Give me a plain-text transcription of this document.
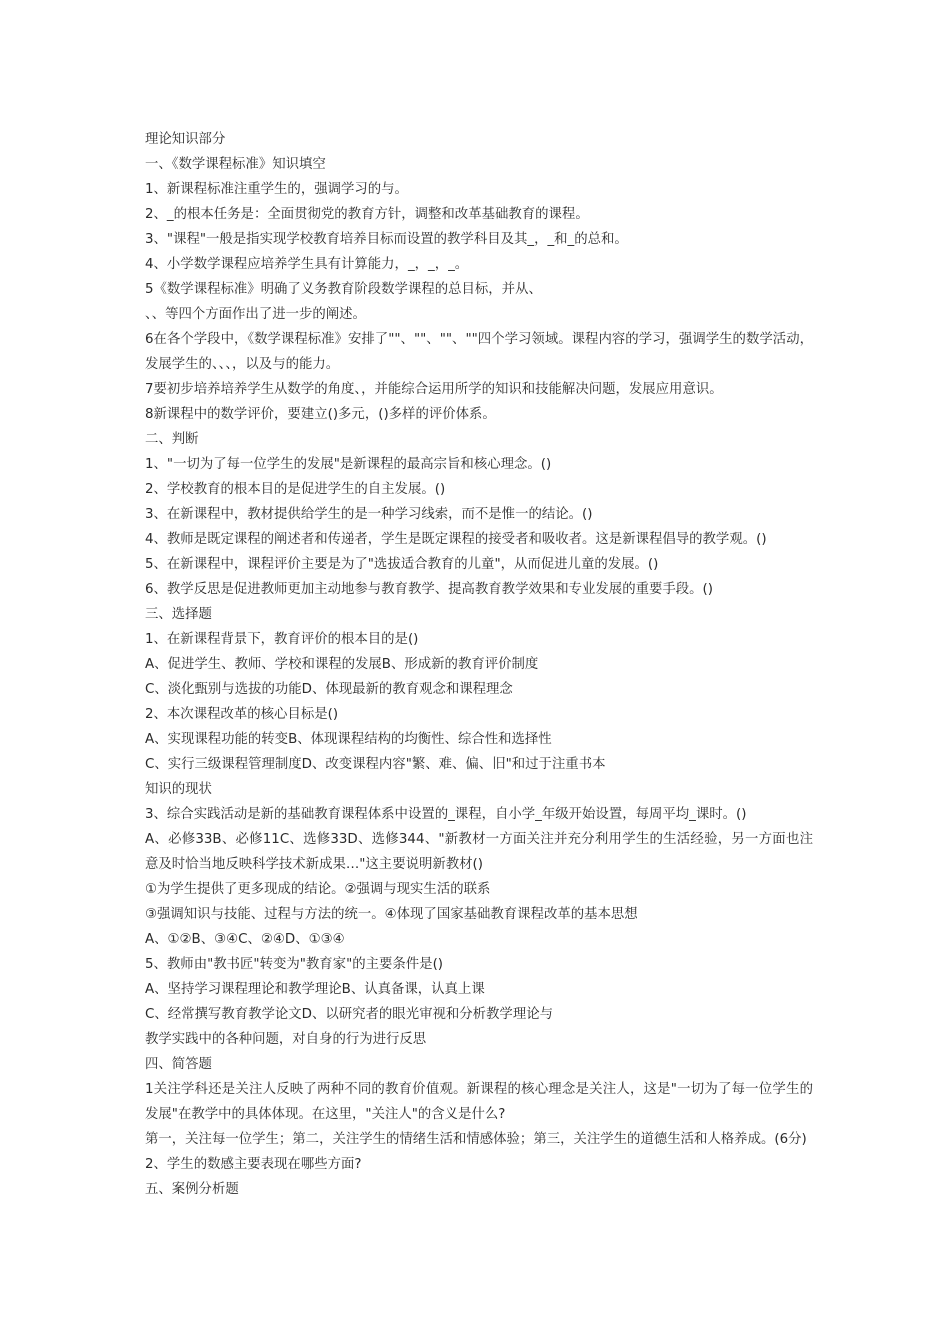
理论知识部分
一、《数学课程标准》知识填空
1、新课程标准注重学生的，强调学习的与。
2、_的根本任务是：全面贯彻党的教育方针，调整和改革基础教育的课程。
3、"课程"一般是指实现学校教育培养目标而设置的教学科目及其_，_和_的总和。
4、小学数学课程应培养学生具有计算能力，_，_，_。
5《数学课程标准》明确了义务教育阶段数学课程的总目标，并从、
、、等四个方面作出了进一步的阐述。
6在各个学段中，《数学课程标准》安排了""、""、""、""四个学习领域。课程内容的学习，强调学生的数学活动，发展学生的、、、，以及与的能力。
7要初步培养培养学生从数学的角度、，并能综合运用所学的知识和技能解决问题，发展应用意识。
8新课程中的数学评价，要建立()多元，()多样的评价体系。
二、判断
1、"一切为了每一位学生的发展"是新课程的最高宗旨和核心理念。()
2、学校教育的根本目的是促进学生的自主发展。()
3、在新课程中，教材提供给学生的是一种学习线索，而不是惟一的结论。()
4、教师是既定课程的阐述者和传递者，学生是既定课程的接受者和吸收者。这是新课程倡导的教学观。()
5、在新课程中，课程评价主要是为了"选拔适合教育的儿童"，从而促进儿童的发展。()
6、教学反思是促进教师更加主动地参与教育教学、提高教育教学效果和专业发展的重要手段。()
三、选择题
1、在新课程背景下，教育评价的根本目的是()
A、促进学生、教师、学校和课程的发展B、形成新的教育评价制度
C、淡化甄别与选拔的功能D、体现最新的教育观念和课程理念
2、本次课程改革的核心目标是()
A、实现课程功能的转变B、体现课程结构的均衡性、综合性和选择性
C、实行三级课程管理制度D、改变课程内容"繁、难、偏、旧"和过于注重书本
知识的现状
3、综合实践活动是新的基础教育课程体系中设置的_课程，自小学_年级开始设置，每周平均_课时。()
A、必修33B、必修11C、选修33D、选修344、"新教材一方面关注并充分利用学生的生活经验，另一方面也注意及时恰当地反映科学技术新成果…"这主要说明新教材()
①为学生提供了更多现成的结论。②强调与现实生活的联系
③强调知识与技能、过程与方法的统一。④体现了国家基础教育课程改革的基本思想
A、①②B、③④C、②④D、①③④
5、教师由"教书匠"转变为"教育家"的主要条件是()
A、坚持学习课程理论和教学理论B、认真备课，认真上课
C、经常撰写教育教学论文D、以研究者的眼光审视和分析教学理论与
教学实践中的各种问题，对自身的行为进行反思
四、简答题
1关注学科还是关注人反映了两种不同的教育价值观。新课程的核心理念是关注人，这是"一切为了每一位学生的发展"在教学中的具体体现。在这里，"关注人"的含义是什么?
第一，关注每一位学生；第二，关注学生的情绪生活和情感体验；第三，关注学生的道德生活和人格养成。(6分)
2、学生的数感主要表现在哪些方面?
五、案例分析题
